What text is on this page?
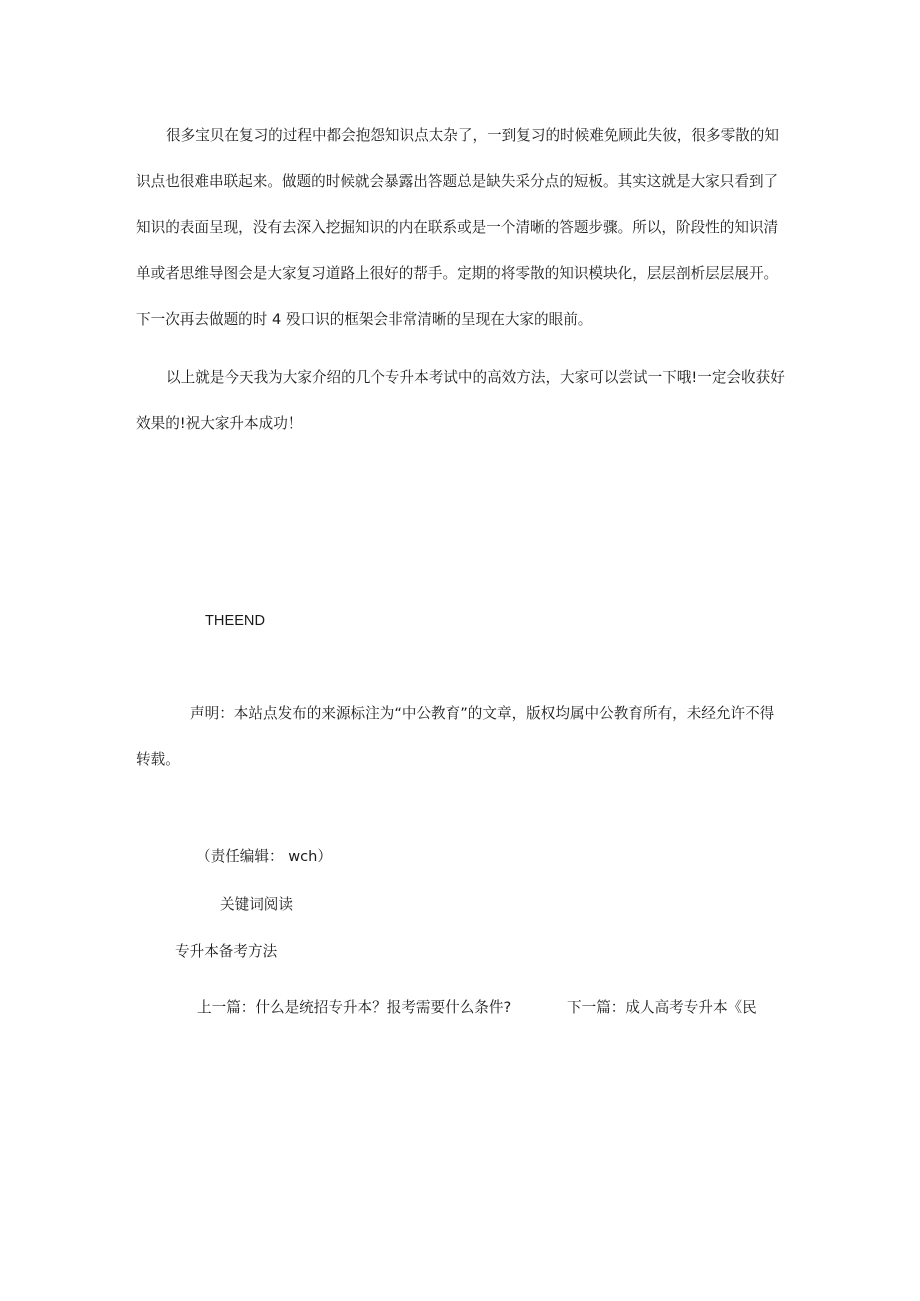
很多宝贝在复习的过程中都会抱怨知识点太杂了，一到复习的时候难免顾此失彼，很多零散的知
识点也很难串联起来。做题的时候就会暴露出答题总是缺失采分点的短板。其实这就是大家只看到了
知识的表面呈现，没有去深入挖掘知识的内在联系或是一个清晰的答题步骤。所以，阶段性的知识清
单或者思维导图会是大家复习道路上很好的帮手。定期的将零散的知识模块化，层层剖析层层展开。
下一次再去做题的时 4 殁口识的框架会非常清晰的呈现在大家的眼前。
以上就是今天我为大家介绍的几个专升本考试中的高效方法，大家可以尝试一下哦!一定会收获好
效果的!祝大家升本成功！

THEEND

声明：本站点发布的来源标注为“中公教育”的文章，版权均属中公教育所有，未经允许不得
转载。

（责任编辑： wch）

关键词阅读

专升本备考方法

上一篇：什么是统招专升本？报考需要什么条件?	下一篇：成人高考专升本《民
